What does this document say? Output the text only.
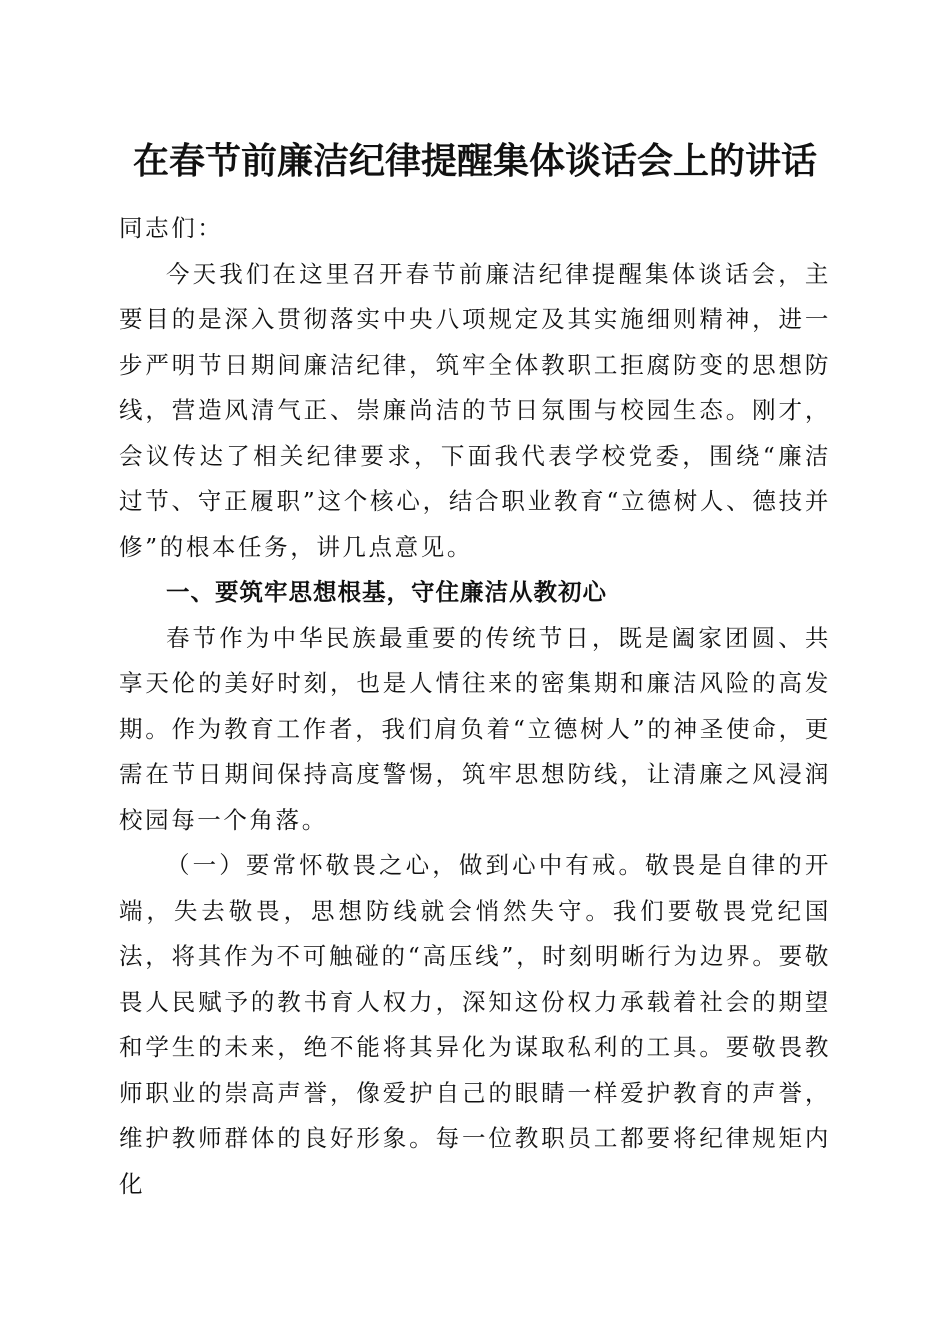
在春节前廉洁纪律提醒集体谈话会上的讲话

同志们：

今天我们在这里召开春节前廉洁纪律提醒集体谈话会，主要目的是深入贯彻落实中央八项规定及其实施细则精神，进一步严明节日期间廉洁纪律，筑牢全体教职工拒腐防变的思想防线，营造风清气正、崇廉尚洁的节日氛围与校园生态。刚才，会议传达了相关纪律要求，下面我代表学校党委，围绕“廉洁过节、守正履职”这个核心，结合职业教育“立德树人、德技并修”的根本任务，讲几点意见。

一、要筑牢思想根基，守住廉洁从教初心

春节作为中华民族最重要的传统节日，既是阖家团圆、共享天伦的美好时刻，也是人情往来的密集期和廉洁风险的高发期。作为教育工作者，我们肩负着“立德树人”的神圣使命，更需在节日期间保持高度警惕，筑牢思想防线，让清廉之风浸润校园每一个角落。

（一）要常怀敬畏之心，做到心中有戒。敬畏是自律的开端，失去敬畏，思想防线就会悄然失守。我们要敬畏党纪国法，将其作为不可触碰的“高压线”，时刻明晰行为边界。要敬畏人民赋予的教书育人权力，深知这份权力承载着社会的期望和学生的未来，绝不能将其异化为谋取私利的工具。要敬畏教师职业的崇高声誉，像爱护自己的眼睛一样爱护教育的声誉，维护教师群体的良好形象。每一位教职员工都要将纪律规矩内化
